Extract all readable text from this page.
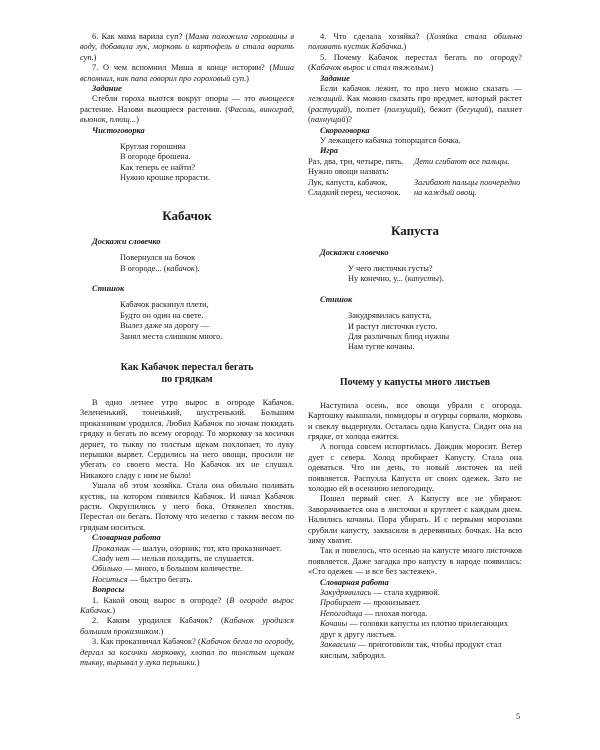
6. Как мама варила суп? (Мама положила горошины в воду, добавила лук, морковь и картофель и стала варить суп.)

7. О чем вспомнил Миша в конце истории? (Миша вспомнил, как папа говорил про гороховый суп.)

Задание

Стебли гороха вьются вокруг опоры — это вьющееся растение. Назови вьющиеся растения. (Фасоль, виноград, вьюнок, плющ...)

Чистоговорка

Круглая горошина

В огороде брошена.

Как теперь ее найти?

Нужно крошке прорасти.

Кабачок

Доскажи словечко

Повернулся на бочок

В огороде... (кабачок).

Стишок

Кабачок раскинул плети,

Будто он один на свете.

Вылез даже на дорогу —

Занял места слишком много.

Как Кабачок перестал бегать

по грядкам

В одно летнее утро вырос в огороде Кабачок. Зелененький, тоненький, шустренький. Большим проказником уродился. Любил Кабачок по ночам покидать грядку и бегать по всему огороду. То морковку за косички дернет, то тыкву по толстым щекам похлопает, то луку перышки вырвет. Сердились на него овощи, просили не убегать со своего места. Но Кабачок их не слушал. Никакого сладу с ним не было!

Ушала об этом хозяйка. Стала она обильно поливать кустик, на котором появился Кабачок. И начал Кабачок расти. Округлились у него бока. Отяжелел хвостик. Перестал он бегать. Потому что нелегко с таким весом по грядкам носиться.

Словарная работа

Проказник — шалун, озорник; тот, кто проказничает.

Сладу нет — нельзя поладить, не слушается.

Обильно — много, в большом количестве.

Носиться — быстро бегать.

Вопросы

1. Какой овощ вырос в огороде? (В огороде вырос Кабачок.)

2. Каким уродился Кабачок? (Кабачок уродился большим проказником.)

3. Как проказничал Кабачок? (Кабачок бегал по огороду, дергал за косички морковку, хлопал по толстым щекам тыкву, вырывал у лука перышки.)

4. Что сделала хозяйка? (Хозяйка стала обильно поливать кустик Кабачка.)

5. Почему Кабачок перестал бегать по огороду? (Кабачок вырос и стал тяжелым.)

Задание

Если кабачок лежит, то про него можно сказать — лежащий. Как можно сказать про предмет, который растет (растущий), ползет (ползущий), бежит (бегущий), пахнет (пахнущий)?

Скороговорка

У лежащего кабачка топорщатся бочка.

Игра

Раз, два, три, четыре, пять.	Дети сгибают все пальцы.
Нужно овощи назвать:

Лук, капуста, кабачок,

Сладкий перец, чесночок.

Загибают пальцы поочередно на каждый овощ.

Капуста

Доскажи словечко

У чего листочки густы?

Ну конечно, у... (капусты).

Стишок

Закудрявилась капуста,

И растут листочки густо.

Для различных блюд нужны

Нам тугие кочаны.

Почему у капусты много листьев

Наступила осень, все овощи убрали с огорода. Картошку выкопали, помидоры и огурцы сорвали, морковь и свеклу выдернули. Осталась одна Капуста. Сидит она на грядке, от холода ежится.

А погода совсем испортилась. Дождик моросит. Ветер дует с севера. Холод пробирает Капусту. Стала она одеваться. Что ни день, то новый листочек на ней появляется. Распухла Капуста от своих одежек. Зато не холодно ей в осеннюю непогодицу.

Пошел первый снег. А Капусту все не убирают. Заворачивается она в листочки и круглеет с каждым днем. Налились кочаны. Пора убирать. И с первыми морозами срубили капусту, заквасили в деревянных бочках. На всю зиму хватит.

Так и повелось, что осенью на капусте много листочков появляется. Даже загадка про капусту в народе появилась: «Сто одежек — и все без застежек».

Словарная работа

Закудрявилась — стала кудрявой.

Пробирает — пронизывает.

Непогодица — плохая погода.

Кочаны — головки капусты из плотно прилегающих друг к другу листьев.

Заквасили — приготовили так, чтобы продукт стал кислым, забродил.

5
